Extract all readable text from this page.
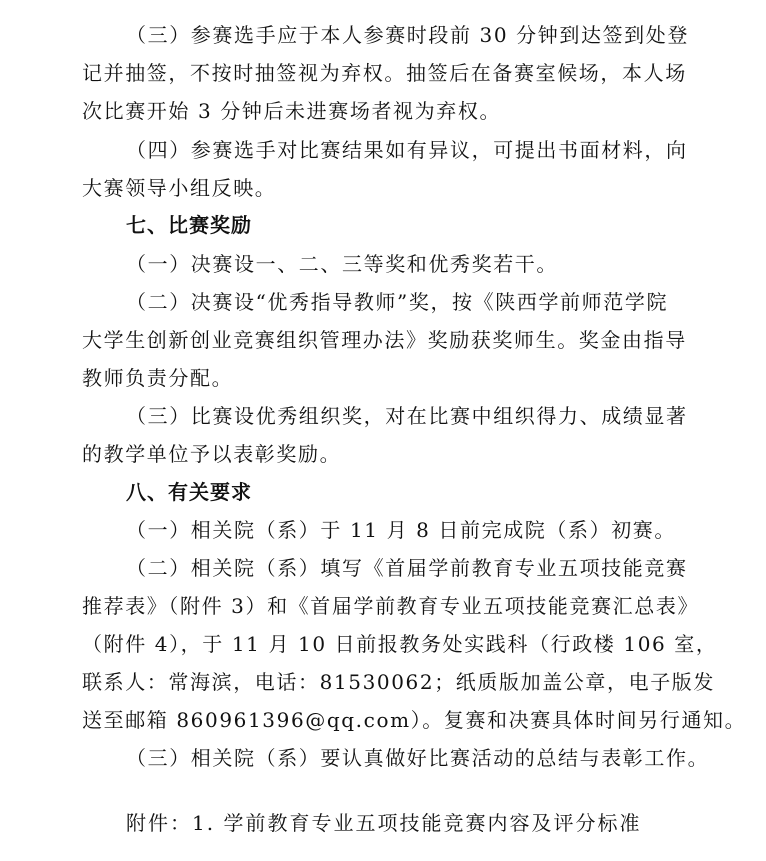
（三）参赛选手应于本人参赛时段前 30 分钟到达签到处登
记并抽签，不按时抽签视为弃权。抽签后在备赛室候场，本人场
次比赛开始 3 分钟后未进赛场者视为弃权。
（四）参赛选手对比赛结果如有异议，可提出书面材料，向
大赛领导小组反映。
七、比赛奖励
（一）决赛设一、二、三等奖和优秀奖若干。
（二）决赛设“优秀指导教师”奖，按《陕西学前师范学院
大学生创新创业竞赛组织管理办法》奖励获奖师生。奖金由指导
教师负责分配。
（三）比赛设优秀组织奖，对在比赛中组织得力、成绩显著
的教学单位予以表彰奖励。
八、有关要求
（一）相关院（系）于 11 月 8 日前完成院（系）初赛。
（二）相关院（系）填写《首届学前教育专业五项技能竞赛
推荐表》（附件 3）和《首届学前教育专业五项技能竞赛汇总表》
（附件 4），于 11 月 10 日前报教务处实践科（行政楼 106 室，
联系人：常海滨，电话：81530062；纸质版加盖公章，电子版发
送至邮箱 860961396@qq.com）。复赛和决赛具体时间另行通知。
（三）相关院（系）要认真做好比赛活动的总结与表彰工作。
附件：1. 学前教育专业五项技能竞赛内容及评分标准
